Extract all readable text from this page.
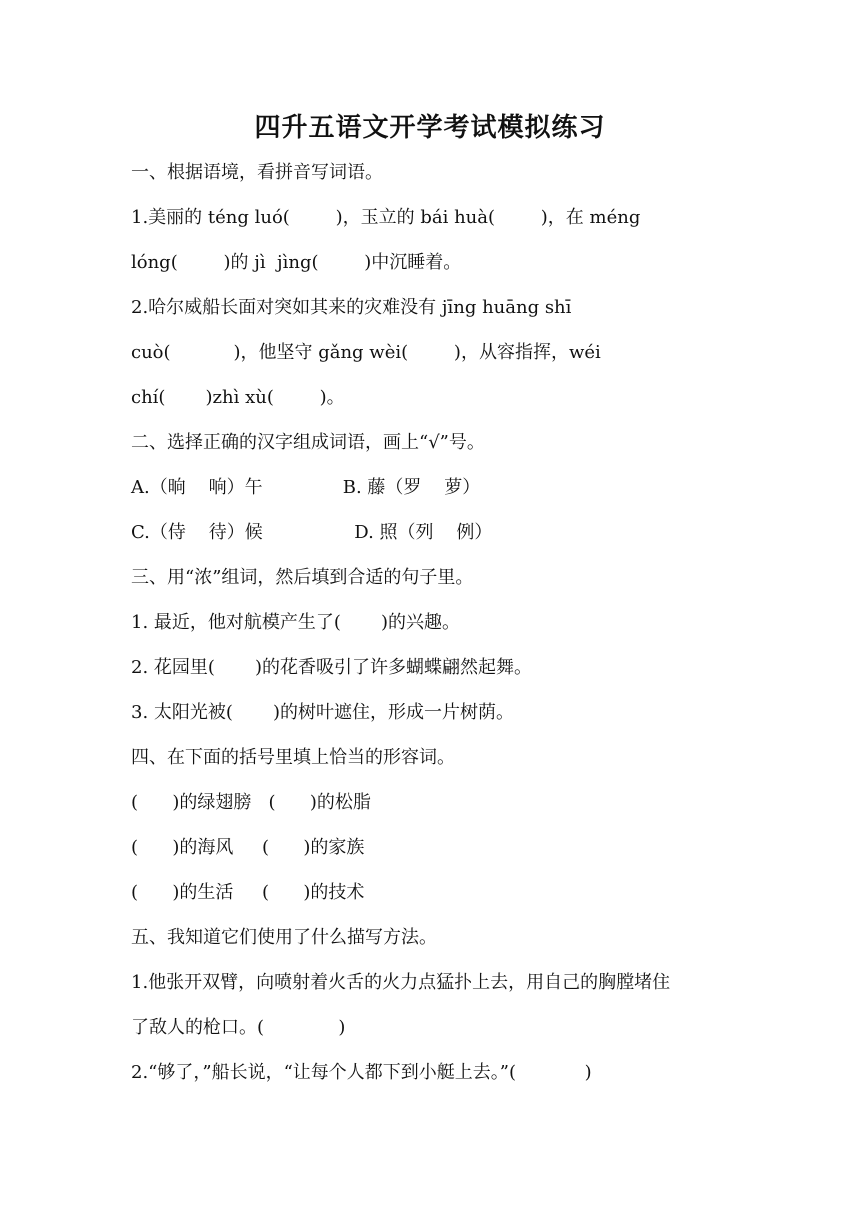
四升五语文开学考试模拟练习
一、根据语境，看拼音写词语。
1.美丽的 téng luó(        )，玉立的 bái huà(        )，在 méng
lóng(        )的 jì  jìng(        )中沉睡着。
2.哈尔威船长面对突如其来的灾难没有 jīng huāng shī
cuò(           )，他坚守 gǎng wèi(        )，从容指挥，wéi
chí(       )zhì xù(        )。
二、选择正确的汉字组成词语，画上“√”号。
A.（晌    响）午              B. 藤（罗    萝）
C.（侍    待）候                D. 照（列    例）
三、用“浓”组词，然后填到合适的句子里。
1. 最近，他对航模产生了(       )的兴趣。
2. 花园里(       )的花香吸引了许多蝴蝶翩然起舞。
3. 太阳光被(       )的树叶遮住，形成一片树荫。
四、在下面的括号里填上恰当的形容词。
(      )的绿翅膀   (      )的松脂
(      )的海风     (      )的家族
(      )的生活     (      )的技术
五、我知道它们使用了什么描写方法。
1.他张开双臂，向喷射着火舌的火力点猛扑上去，用自己的胸膛堵住
了敌人的枪口。(             )
2.“够了，”船长说，“让每个人都下到小艇上去。”(            )
